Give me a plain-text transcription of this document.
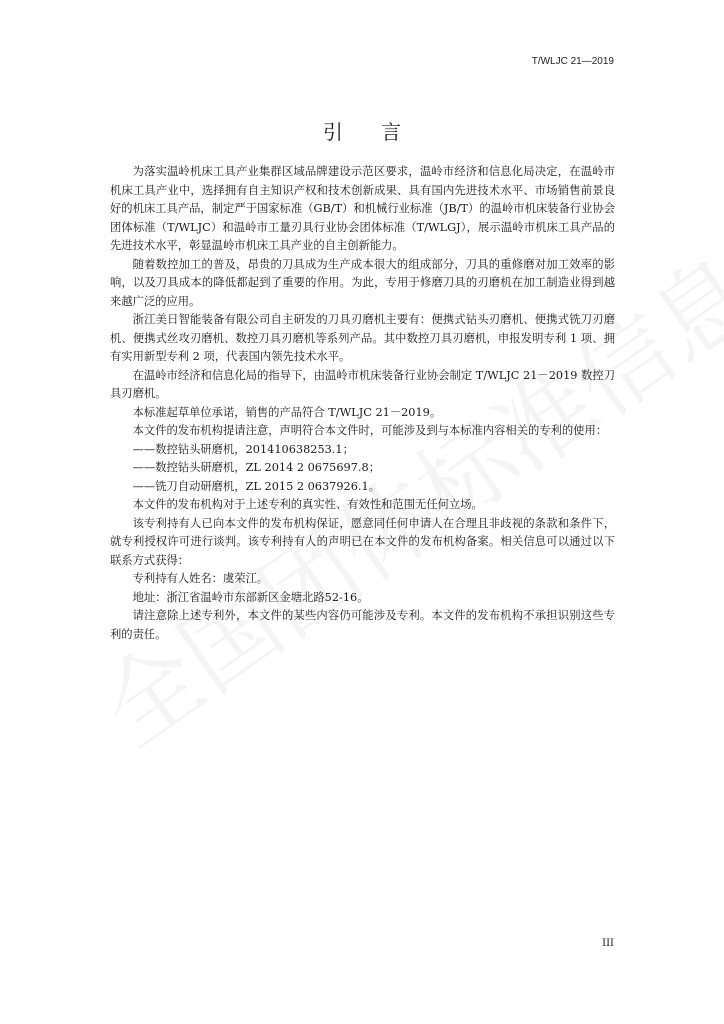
T/WLJC 21—2019
引 言

为落实温岭机床工具产业集群区域品牌建设示范区要求，温岭市经济和信息化局决定，在温岭市机床工具产业中，选择拥有自主知识产权和技术创新成果、具有国内先进技术水平、市场销售前景良好的机床工具产品，制定严于国家标准（GB/T）和机械行业标准（JB/T）的温岭市机床装备行业协会团体标准（T/WLJC）和温岭市工量刃具行业协会团体标准（T/WLGJ），展示温岭市机床工具产品的先进技术水平，彰显温岭市机床工具产业的自主创新能力。

随着数控加工的普及，昂贵的刀具成为生产成本很大的组成部分，刀具的重修磨对加工效率的影响，以及刀具成本的降低都起到了重要的作用。为此，专用于修磨刀具的刃磨机在加工制造业得到越来越广泛的应用。

浙江美日智能装备有限公司自主研发的刀具刃磨机主要有：便携式钻头刃磨机、便携式铣刀刃磨机、便携式丝攻刃磨机、数控刀具刃磨机等系列产品。其中数控刀具刃磨机，申报发明专利 1 项、拥有实用新型专利 2 项，代表国内领先技术水平。

在温岭市经济和信息化局的指导下，由温岭市机床装备行业协会制定 T/WLJC 21－2019 数控刀具刃磨机。

本标准起草单位承诺，销售的产品符合 T/WLJC 21－2019。

本文件的发布机构提请注意，声明符合本文件时，可能涉及到与本标准内容相关的专利的使用：

——数控钻头研磨机，201410638253.1；

——数控钻头研磨机，ZL 2014 2 0675697.8；

——铣刀自动研磨机，ZL 2015 2 0637926.1。

本文件的发布机构对于上述专利的真实性、有效性和范围无任何立场。

该专利持有人已向本文件的发布机构保证，愿意同任何申请人在合理且非歧视的条款和条件下，就专利授权许可进行谈判。该专利持有人的声明已在本文件的发布机构备案。相关信息可以通过以下联系方式获得：

专利持有人姓名：虞荣江。

地址：浙江省温岭市东部新区金塘北路52-16。

请注意除上述专利外，本文件的某些内容仍可能涉及专利。本文件的发布机构不承担识别这些专利的责任。

III
